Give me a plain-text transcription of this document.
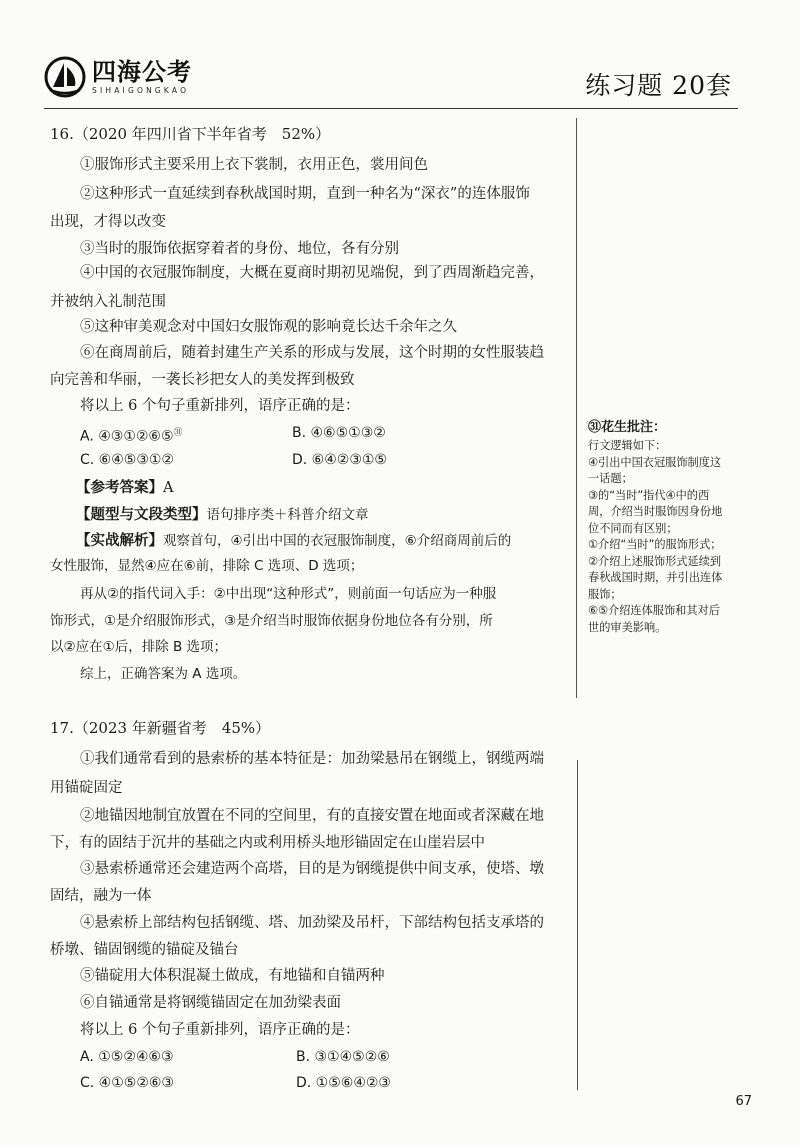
四海公考
SIHAIGONGKAO	练习题 20套
16.（2020 年四川省下半年省考　52%）
①服饰形式主要采用上衣下裳制，衣用正色，裳用间色
②这种形式一直延续到春秋战国时期，直到一种名为“深衣”的连体服饰
出现，才得以改变
③当时的服饰依据穿着者的身份、地位，各有分别
④中国的衣冠服饰制度，大概在夏商时期初见端倪，到了西周渐趋完善，
并被纳入礼制范围
⑤这种审美观念对中国妇女服饰观的影响竟长达千余年之久
⑥在商周前后，随着封建生产关系的形成与发展，这个时期的女性服装趋
向完善和华丽，一袭长衫把女人的美发挥到极致
将以上 6 个句子重新排列，语序正确的是：
A. ④③①②⑥⑤$^㉛$	B. ④⑥⑤①③②
C. ⑥④⑤③①②	D. ⑥④②③①⑤
【参考答案】A
【题型与文段类型】语句排序类＋科普介绍文章
【实战解析】观察首句，④引出中国的衣冠服饰制度，⑥介绍商周前后的
女性服饰，显然④应在⑥前，排除 C 选项、D 选项；
再从②的指代词入手：②中出现“这种形式”，则前面一句话应为一种服
饰形式，①是介绍服饰形式，③是介绍当时服饰依据身份地位各有分别，所
以②应在①后，排除 B 选项；
综上，正确答案为 A 选项。
㉛花生批注：
行文逻辑如下：
④引出中国衣冠服饰制度这
一话题；
③的“当时”指代④中的西
周，介绍当时服饰因身份地
位不同而有区别；
①介绍“当时”的服饰形式；
②介绍上述服饰形式延续到
春秋战国时期，并引出连体
服饰；
⑥⑤介绍连体服饰和其对后
世的审美影响。
17.（2023 年新疆省考　45%）
①我们通常看到的悬索桥的基本特征是：加劲梁悬吊在钢缆上，钢缆两端
用锚碇固定
②地锚因地制宜放置在不同的空间里，有的直接安置在地面或者深藏在地
下，有的固结于沉井的基础之内或利用桥头地形锚固定在山崖岩层中
③悬索桥通常还会建造两个高塔，目的是为钢缆提供中间支承，使塔、墩
固结，融为一体
④悬索桥上部结构包括钢缆、塔、加劲梁及吊杆，下部结构包括支承塔的
桥墩、锚固钢缆的锚碇及锚台
⑤锚碇用大体积混凝土做成，有地锚和自锚两种
⑥自锚通常是将钢缆锚固定在加劲梁表面
将以上 6 个句子重新排列，语序正确的是：
A. ①⑤②④⑥③	B. ③①④⑤②⑥
C. ④①⑤②⑥③	D. ①⑤⑥④②③
67
